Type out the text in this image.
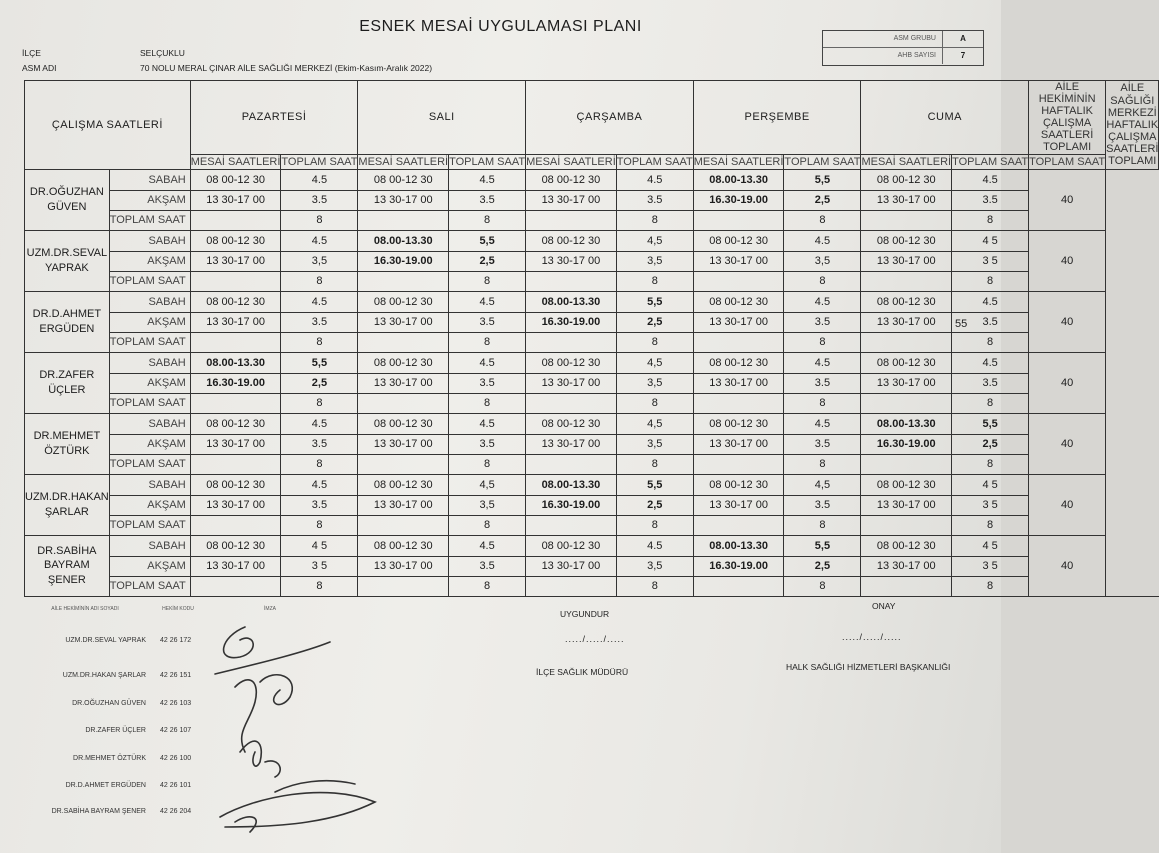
ESNEK MESAİ UYGULAMASI PLANI
İLÇE	SELÇUKLU
ASM ADI	70 NOLU MERAL ÇINAR AİLE SAĞLIĞI MERKEZİ (Ekim-Kasım-Aralık 2022)
ASM GRUBU	A
AHB SAYISI	7
ÇALIŞMA SAATLERİ		PAZARTESİ		SALI		ÇARŞAMBA		PERŞEMBE		CUMA		AİLE HEKİMİNİN HAFTALIK ÇALIŞMA SAATLERİ TOPLAMI	AİLE SAĞLIĞI MERKEZİ HAFTALIK ÇALIŞMA SAATLERİ TOPLAMI
		MESAİ SAATLERİ	TOPLAM SAAT	MESAİ SAATLERİ	TOPLAM SAAT	MESAİ SAATLERİ	TOPLAM SAAT	MESAİ SAATLERİ	TOPLAM SAAT	MESAİ SAATLERİ	TOPLAM SAAT	TOPLAM SAAT	
DR.OĞUZHAN GÜVEN	SABAH	08 00-12 30	4.5	08 00-12 30	4.5	08 00-12 30	4.5	08.00-13.30	5,5	08 00-12 30	4.5	40	
	AKŞAM	13 30-17 00	3.5	13 30-17 00	3.5	13 30-17 00	3.5	16.30-19.00	2,5	13 30-17 00	3.5		
	TOPLAM SAAT		8		8		8		8		8		
UZM.DR.SEVAL YAPRAK	SABAH	08 00-12 30	4.5	08.00-13.30	5,5	08 00-12 30	4,5	08 00-12 30	4.5	08 00-12 30	4 5	40	
	AKŞAM	13 30-17 00	3,5	16.30-19.00	2,5	13 30-17 00	3,5	13 30-17 00	3,5	13 30-17 00	3 5		
	TOPLAM SAAT		8		8		8		8		8		
DR.D.AHMET ERGÜDEN	SABAH	08 00-12 30	4.5	08 00-12 30	4.5	08.00-13.30	5,5	08 00-12 30	4.5	08 00-12 30	4.5	40	
	AKŞAM	13 30-17 00	3.5	13 30-17 00	3.5	16.30-19.00	2,5	13 30-17 00	3.5	13 30-17 00	3.5		
	TOPLAM SAAT		8		8		8		8		8		
DR.ZAFER ÜÇLER	SABAH	08.00-13.30	5,5	08 00-12 30	4.5	08 00-12 30	4,5	08 00-12 30	4.5	08 00-12 30	4.5	40	
	AKŞAM	16.30-19.00	2,5	13 30-17 00	3.5	13 30-17 00	3,5	13 30-17 00	3.5	13 30-17 00	3.5		
	TOPLAM SAAT		8		8		8		8		8		
DR.MEHMET ÖZTÜRK	SABAH	08 00-12 30	4.5	08 00-12 30	4.5	08 00-12 30	4,5	08 00-12 30	4.5	08.00-13.30	5,5	40	
	AKŞAM	13 30-17 00	3.5	13 30-17 00	3.5	13 30-17 00	3,5	13 30-17 00	3.5	16.30-19.00	2,5		
	TOPLAM SAAT		8		8		8		8		8		
UZM.DR.HAKAN ŞARLAR	SABAH	08 00-12 30	4.5	08 00-12 30	4,5	08.00-13.30	5,5	08 00-12 30	4,5	08 00-12 30	4 5	40	
	AKŞAM	13 30-17 00	3.5	13 30-17 00	3,5	16.30-19.00	2,5	13 30-17 00	3.5	13 30-17 00	3 5		
	TOPLAM SAAT		8		8		8		8		8		
DR.SABİHA BAYRAM ŞENER	SABAH	08 00-12 30	4 5	08 00-12 30	4.5	08 00-12 30	4.5	08.00-13.30	5,5	08 00-12 30	4 5	40	
	AKŞAM	13 30-17 00	3 5	13 30-17 00	3.5	13 30-17 00	3,5	16.30-19.00	2,5	13 30-17 00	3 5		
	TOPLAM SAAT		8		8		8		8		8		
55
AİLE HEKİMİNİN ADI SOYADI	HEKİM KODU	İMZA
UZM.DR.SEVAL YAPRAK 42 26 172
UZM.DR.HAKAN ŞARLAR 42 26 151
DR.OĞUZHAN GÜVEN 42 26 103
DR.ZAFER ÜÇLER 42 26 107
DR.MEHMET ÖZTÜRK 42 26 100
DR.D.AHMET ERGÜDEN 42 26 101
DR.SABİHA BAYRAM ŞENER 42 26 204
UYGUNDUR
...../...../.....
İLÇE SAĞLIK MÜDÜRÜ
ONAY
...../...../.....
HALK SAĞLIĞI HİZMETLERİ BAŞKANLIĞI
